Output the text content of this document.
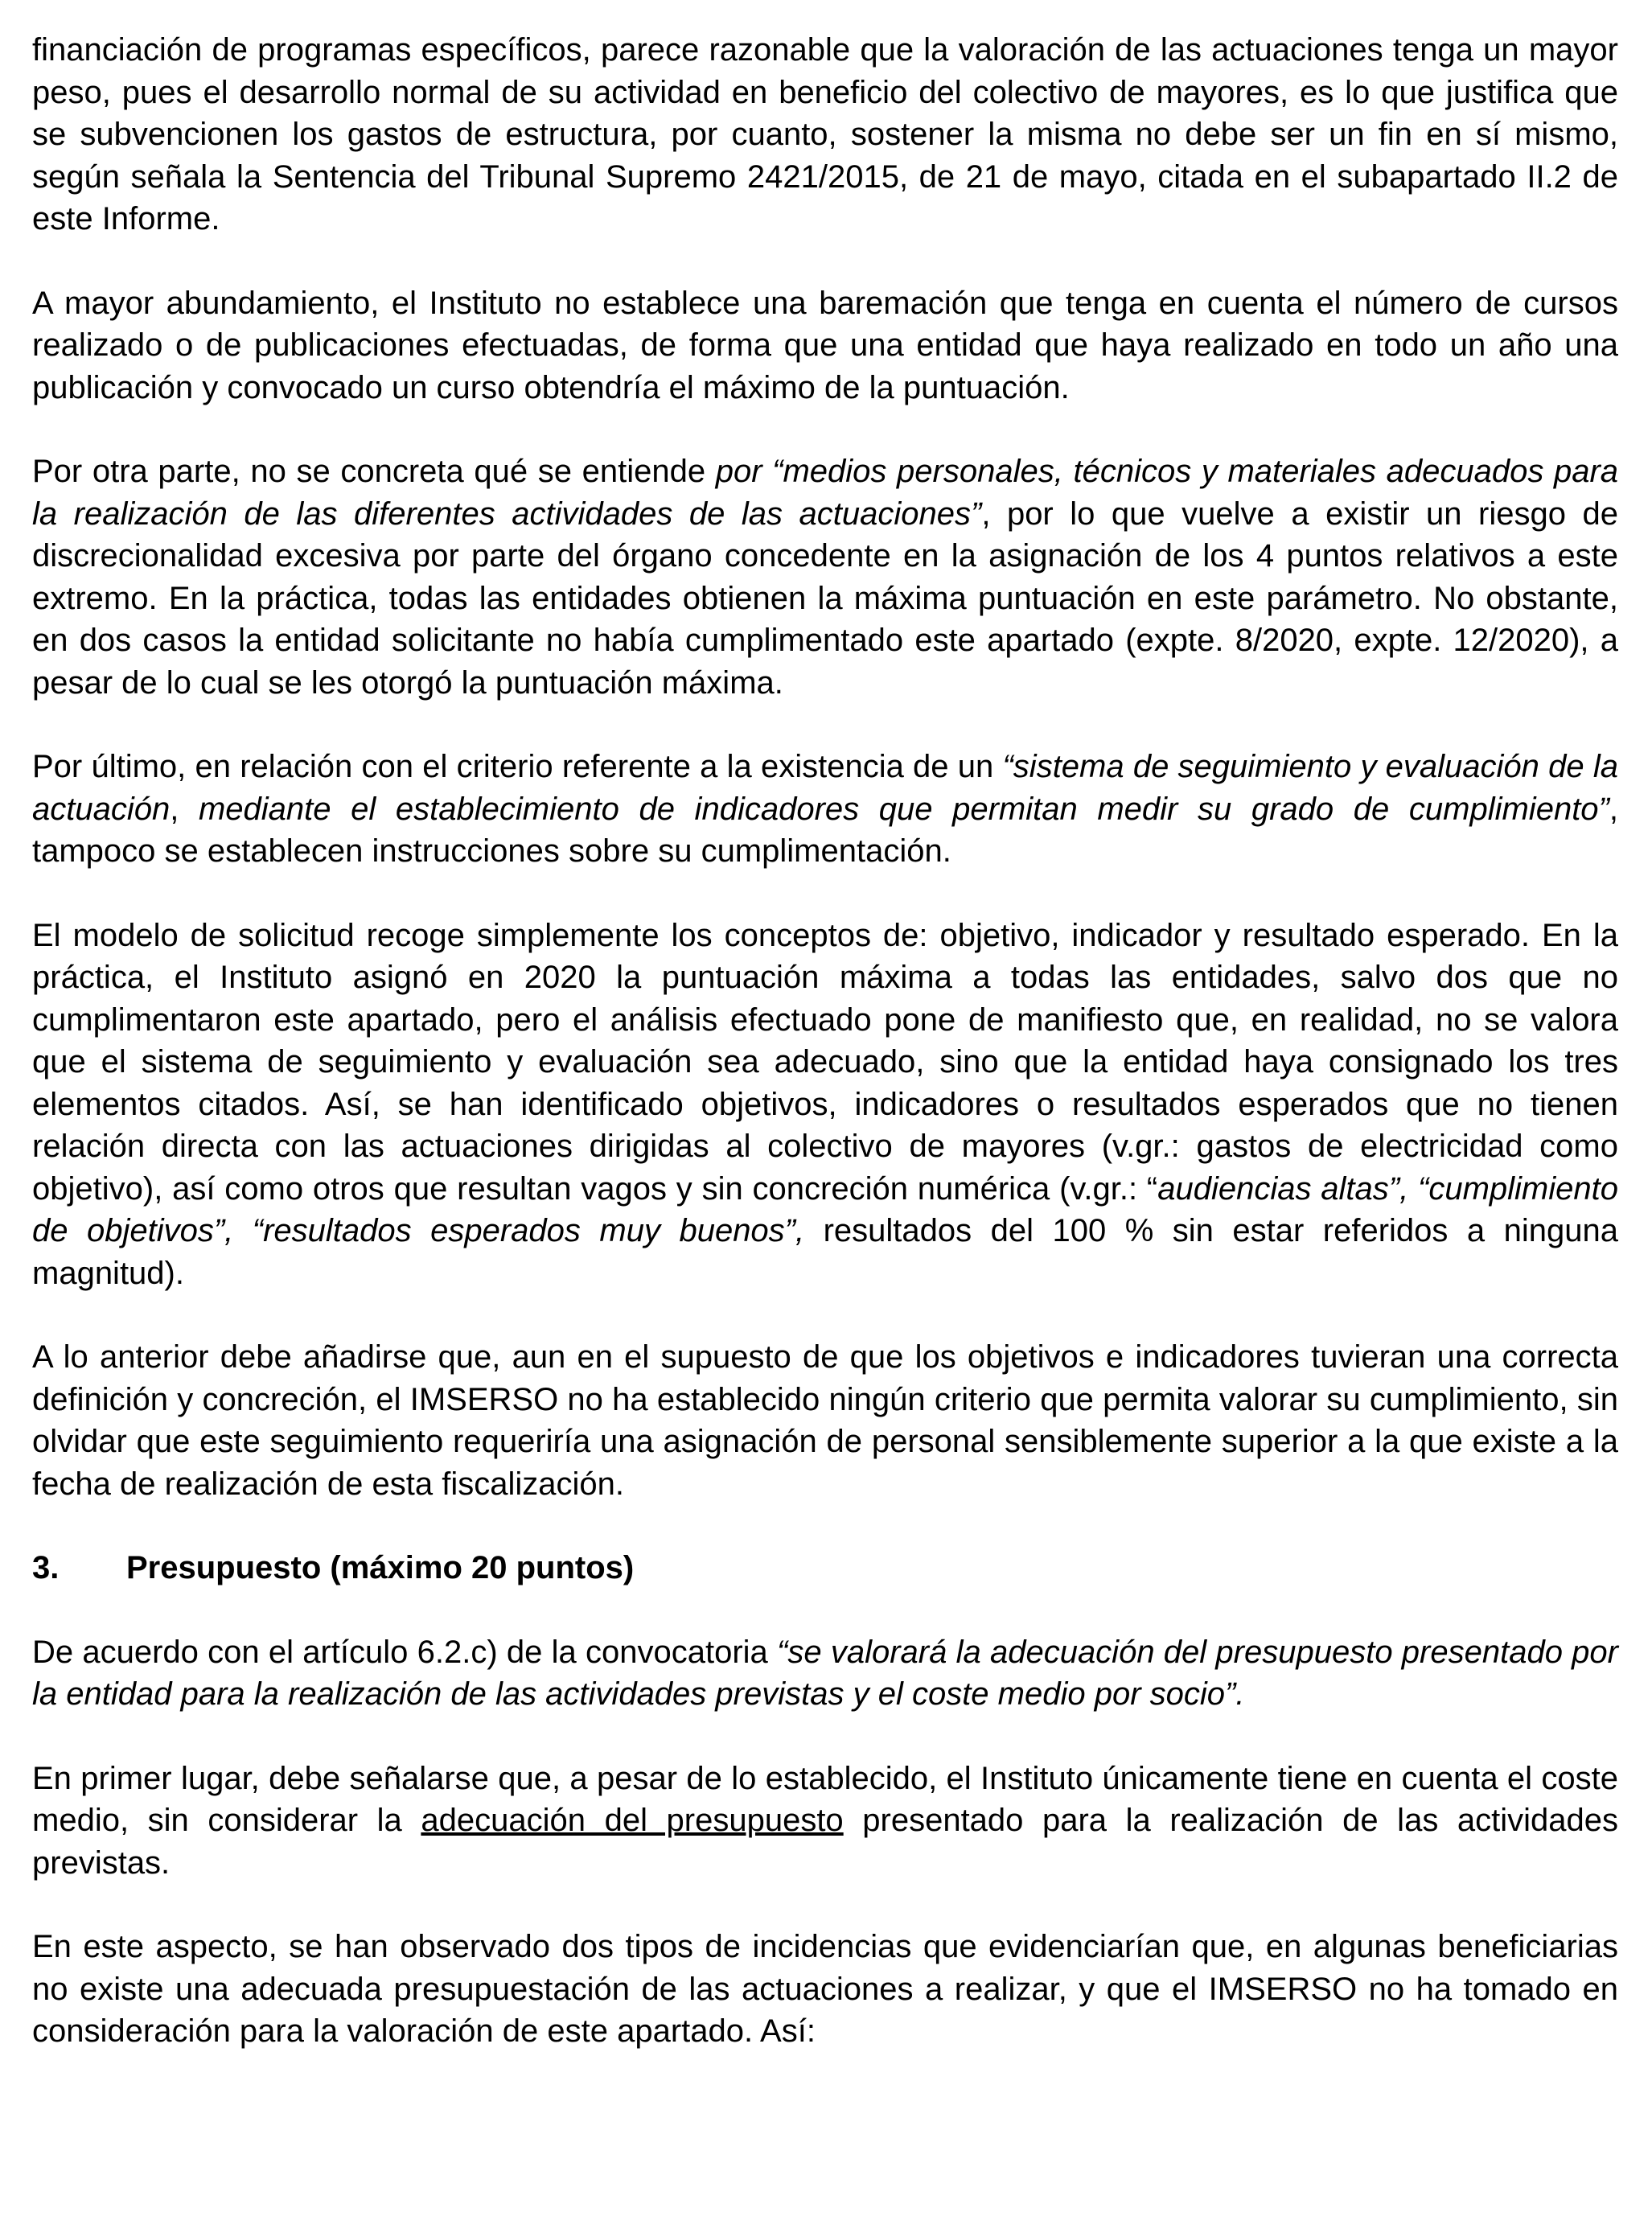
financiación de programas específicos, parece razonable que la valoración de las actuaciones tenga un mayor peso, pues el desarrollo normal de su actividad en beneficio del colectivo de mayores, es lo que justifica que se subvencionen los gastos de estructura, por cuanto, sostener la misma no debe ser un fin en sí mismo, según señala la Sentencia del Tribunal Supremo 2421/2015, de 21 de mayo, citada en el subapartado II.2 de este Informe.

A mayor abundamiento, el Instituto no establece una baremación que tenga en cuenta el número de cursos realizado o de publicaciones efectuadas, de forma que una entidad que haya realizado en todo un año una publicación y convocado un curso obtendría el máximo de la puntuación.

Por otra parte, no se concreta qué se entiende por “medios personales, técnicos y materiales adecuados para la realización de las diferentes actividades de las actuaciones”, por lo que vuelve a existir un riesgo de discrecionalidad excesiva por parte del órgano concedente en la asignación de los 4 puntos relativos a este extremo. En la práctica, todas las entidades obtienen la máxima puntuación en este parámetro. No obstante, en dos casos la entidad solicitante no había cumplimentado este apartado (expte. 8/2020, expte. 12/2020), a pesar de lo cual se les otorgó la puntuación máxima.

Por último, en relación con el criterio referente a la existencia de un “sistema de seguimiento y evaluación de la actuación, mediante el establecimiento de indicadores que permitan medir su grado de cumplimiento”, tampoco se establecen instrucciones sobre su cumplimentación.

El modelo de solicitud recoge simplemente los conceptos de: objetivo, indicador y resultado esperado. En la práctica, el Instituto asignó en 2020 la puntuación máxima a todas las entidades, salvo dos que no cumplimentaron este apartado, pero el análisis efectuado pone de manifiesto que, en realidad, no se valora que el sistema de seguimiento y evaluación sea adecuado, sino que la entidad haya consignado los tres elementos citados. Así, se han identificado objetivos, indicadores o resultados esperados que no tienen relación directa con las actuaciones dirigidas al colectivo de mayores (v.gr.: gastos de electricidad como objetivo), así como otros que resultan vagos y sin concreción numérica (v.gr.: “audiencias altas”, “cumplimiento de objetivos”, “resultados esperados muy buenos”, resultados del 100 % sin estar referidos a ninguna magnitud).

A lo anterior debe añadirse que, aun en el supuesto de que los objetivos e indicadores tuvieran una correcta definición y concreción, el IMSERSO no ha establecido ningún criterio que permita valorar su cumplimiento, sin olvidar que este seguimiento requeriría una asignación de personal sensiblemente superior a la que existe a la fecha de realización de esta fiscalización.

3. Presupuesto (máximo 20 puntos)

De acuerdo con el artículo 6.2.c) de la convocatoria “se valorará la adecuación del presupuesto presentado por la entidad para la realización de las actividades previstas y el coste medio por socio”.

En primer lugar, debe señalarse que, a pesar de lo establecido, el Instituto únicamente tiene en cuenta el coste medio, sin considerar la adecuación del presupuesto presentado para la realización de las actividades previstas.

En este aspecto, se han observado dos tipos de incidencias que evidenciarían que, en algunas beneficiarias no existe una adecuada presupuestación de las actuaciones a realizar, y que el IMSERSO no ha tomado en consideración para la valoración de este apartado. Así:
